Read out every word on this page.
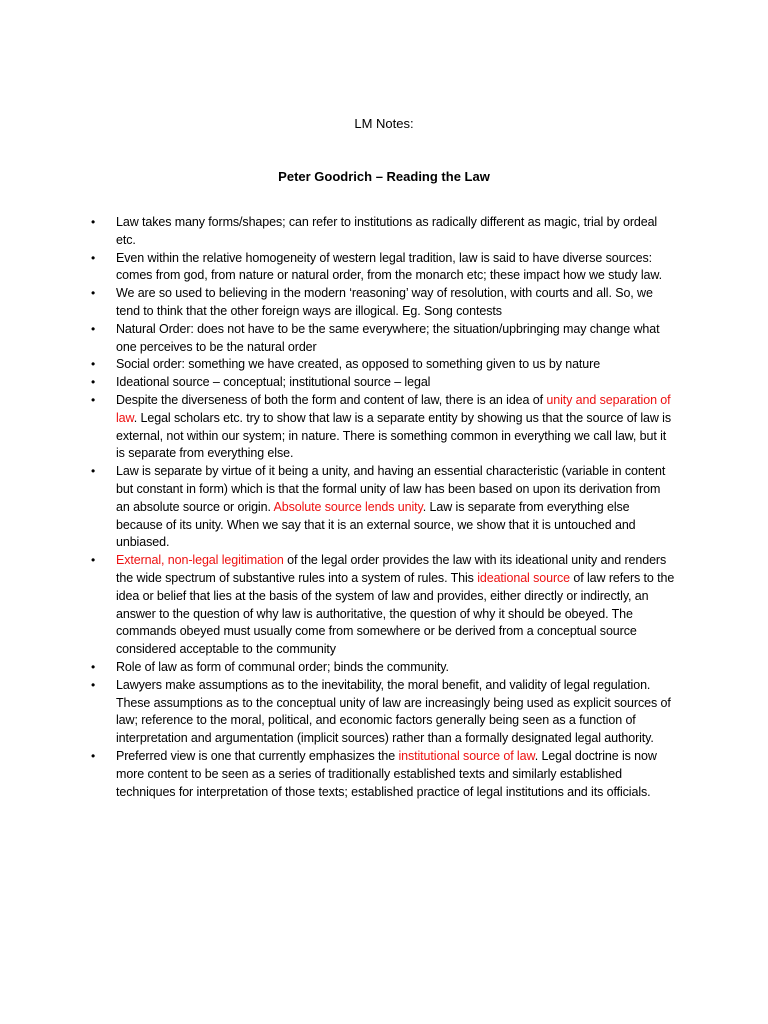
LM Notes:
Peter Goodrich – Reading the Law
• Law takes many forms/shapes; can refer to institutions as radically different as magic, trial by ordeal etc.
• Even within the relative homogeneity of western legal tradition, law is said to have diverse sources: comes from god, from nature or natural order, from the monarch etc; these impact how we study law.
• We are so used to believing in the modern ‘reasoning’ way of resolution, with courts and all. So, we tend to think that the other foreign ways are illogical. Eg. Song contests
• Natural Order: does not have to be the same everywhere; the situation/upbringing may change what one perceives to be the natural order
• Social order: something we have created, as opposed to something given to us by nature
• Ideational source – conceptual; institutional source – legal
• Despite the diverseness of both the form and content of law, there is an idea of unity and separation of law. Legal scholars etc. try to show that law is a separate entity by showing us that the source of law is external, not within our system; in nature. There is something common in everything we call law, but it is separate from everything else.
• Law is separate by virtue of it being a unity, and having an essential characteristic (variable in content but constant in form) which is that the formal unity of law has been based on upon its derivation from an absolute source or origin. Absolute source lends unity. Law is separate from everything else because of its unity. When we say that it is an external source, we show that it is untouched and unbiased.
• External, non-legal legitimation of the legal order provides the law with its ideational unity and renders the wide spectrum of substantive rules into a system of rules. This ideational source of law refers to the idea or belief that lies at the basis of the system of law and provides, either directly or indirectly, an answer to the question of why law is authoritative, the question of why it should be obeyed. The commands obeyed must usually come from somewhere or be derived from a conceptual source considered acceptable to the community
• Role of law as form of communal order; binds the community.
• Lawyers make assumptions as to the inevitability, the moral benefit, and validity of legal regulation. These assumptions as to the conceptual unity of law are increasingly being used as explicit sources of law; reference to the moral, political, and economic factors generally being seen as a function of interpretation and argumentation (implicit sources) rather than a formally designated legal authority.
• Preferred view is one that currently emphasizes the institutional source of law. Legal doctrine is now more content to be seen as a series of traditionally established texts and similarly established techniques for interpretation of those texts; established practice of legal institutions and its officials.
